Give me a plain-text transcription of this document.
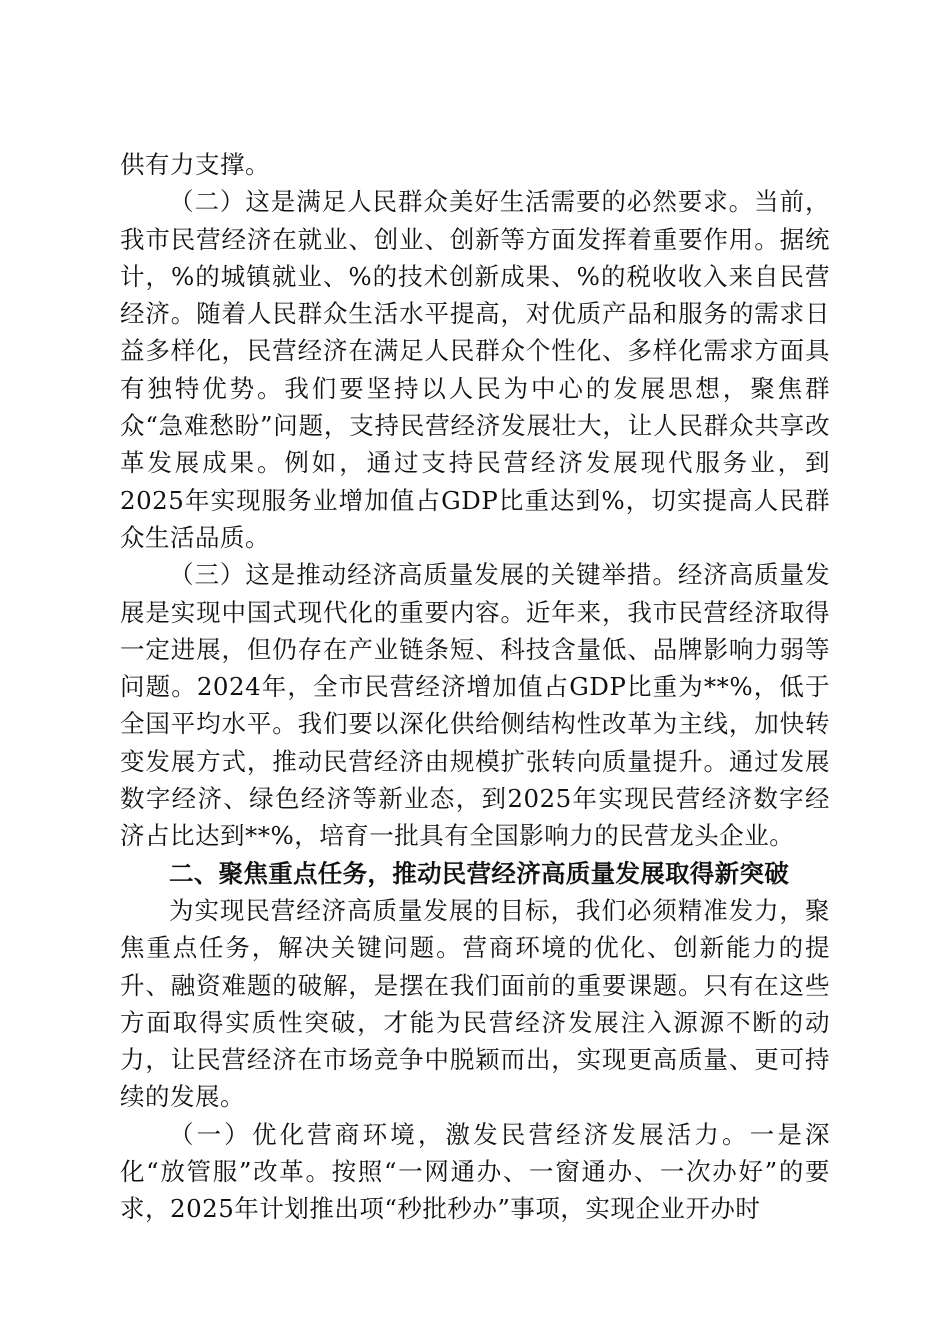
供有力支撑。

（二）这是满足人民群众美好生活需要的必然要求。当前，我市民营经济在就业、创业、创新等方面发挥着重要作用。据统计，%的城镇就业、%的技术创新成果、%的税收收入来自民营经济。随着人民群众生活水平提高，对优质产品和服务的需求日益多样化，民营经济在满足人民群众个性化、多样化需求方面具有独特优势。我们要坚持以人民为中心的发展思想，聚焦群众“急难愁盼”问题，支持民营经济发展壮大，让人民群众共享改革发展成果。例如，通过支持民营经济发展现代服务业，到2025年实现服务业增加值占GDP比重达到%，切实提高人民群众生活品质。

（三）这是推动经济高质量发展的关键举措。经济高质量发展是实现中国式现代化的重要内容。近年来，我市民营经济取得一定进展，但仍存在产业链条短、科技含量低、品牌影响力弱等问题。2024年，全市民营经济增加值占GDP比重为**%，低于全国平均水平。我们要以深化供给侧结构性改革为主线，加快转变发展方式，推动民营经济由规模扩张转向质量提升。通过发展数字经济、绿色经济等新业态，到2025年实现民营经济数字经济占比达到**%，培育一批具有全国影响力的民营龙头企业。

二、聚焦重点任务，推动民营经济高质量发展取得新突破

为实现民营经济高质量发展的目标，我们必须精准发力，聚焦重点任务，解决关键问题。营商环境的优化、创新能力的提升、融资难题的破解，是摆在我们面前的重要课题。只有在这些方面取得实质性突破，才能为民营经济发展注入源源不断的动力，让民营经济在市场竞争中脱颖而出，实现更高质量、更可持续的发展。

（一）优化营商环境，激发民营经济发展活力。一是深化“放管服”改革。按照“一网通办、一窗通办、一次办好”的要求，2025年计划推出项“秒批秒办”事项，实现企业开办时
